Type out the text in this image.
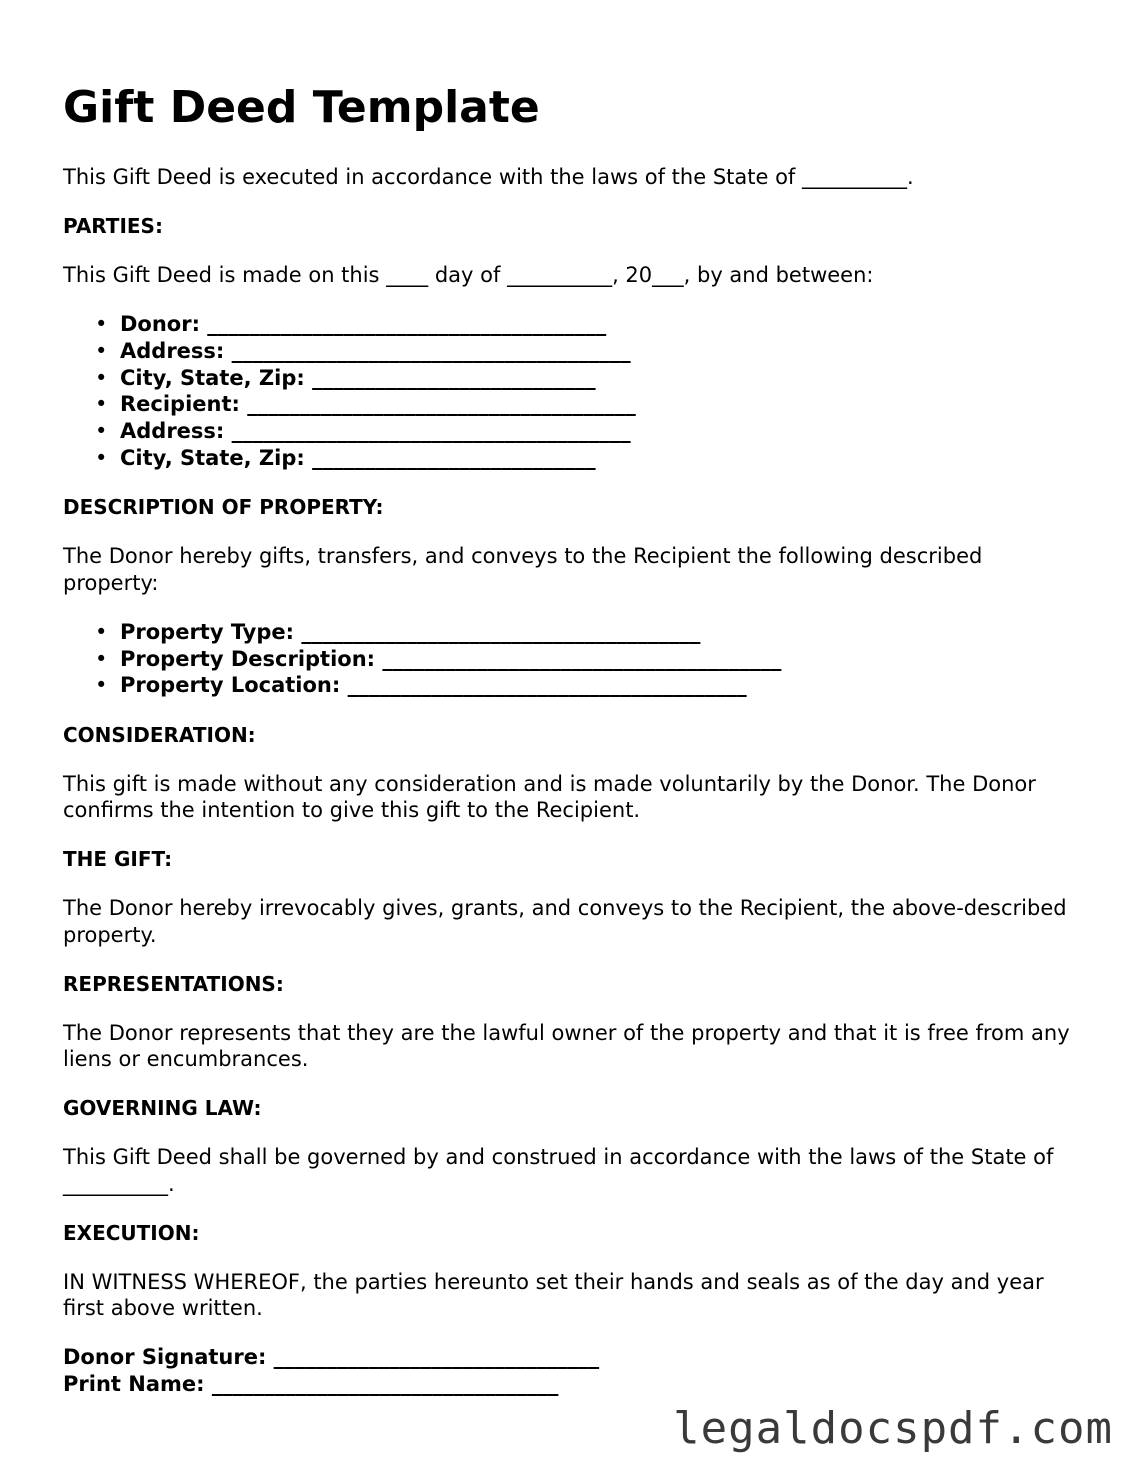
Gift Deed Template

This Gift Deed is executed in accordance with the laws of the State of __________.

PARTIES:

This Gift Deed is made on this ____ day of __________, 20___, by and between:

• Donor: ______________________________________
• Address: ______________________________________
• City, State, Zip: ___________________________
• Recipient: _____________________________________
• Address: ______________________________________
• City, State, Zip: ___________________________
DESCRIPTION OF PROPERTY:

The Donor hereby gifts, transfers, and conveys to the Recipient the following described property:

• Property Type: ______________________________________
• Property Description: ______________________________________
• Property Location: ______________________________________
CONSIDERATION:

This gift is made without any consideration and is made voluntarily by the Donor. The Donor confirms the intention to give this gift to the Recipient.

THE GIFT:

The Donor hereby irrevocably gives, grants, and conveys to the Recipient, the above-described property.

REPRESENTATIONS:

The Donor represents that they are the lawful owner of the property and that it is free from any liens or encumbrances.

GOVERNING LAW:

This Gift Deed shall be governed by and construed in accordance with the laws of the State of __________.

EXECUTION:

IN WITNESS WHEREOF, the parties hereunto set their hands and seals as of the day and year first above written.

Donor Signature: _______________________________
Print Name: _________________________________
legaldocspdf.com
